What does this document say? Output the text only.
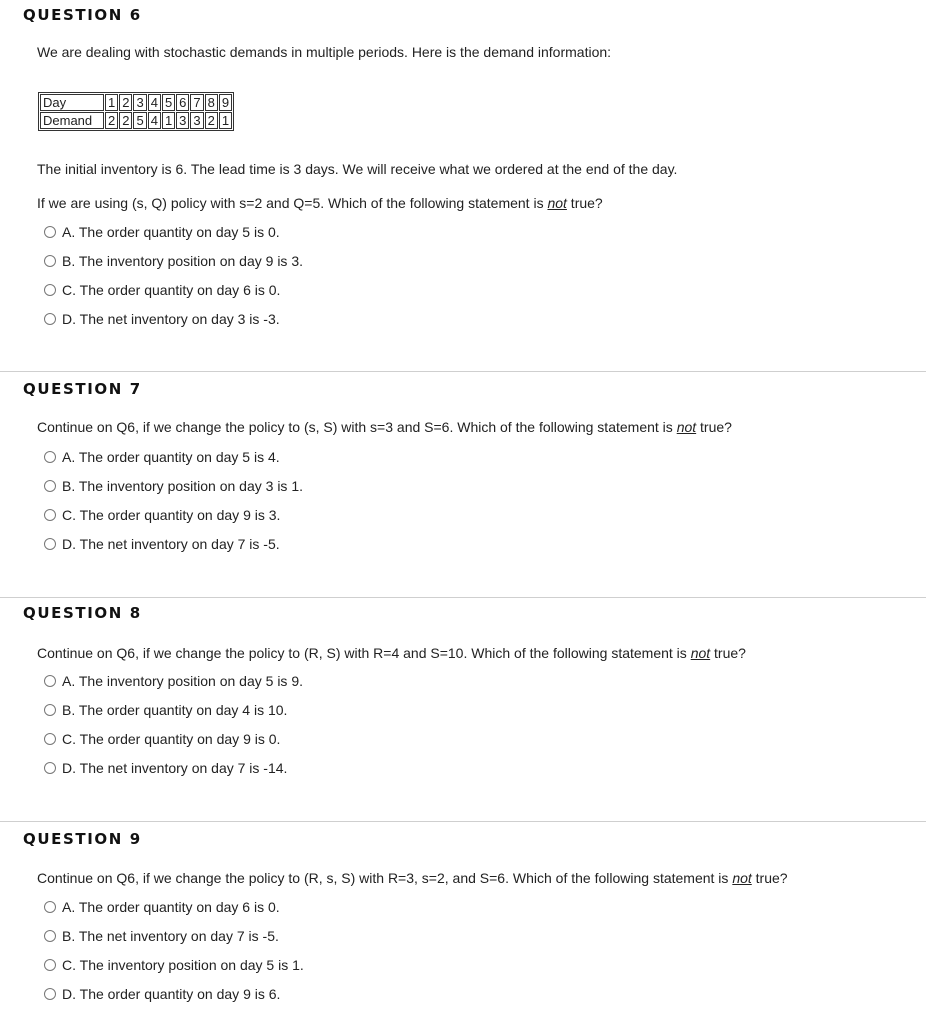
QUESTION 6
We are dealing with stochastic demands in multiple periods. Here is the demand information:
Day	1	2	3	4	5	6	7	8	9
Demand	2	2	5	4	1	3	3	2	1
The initial inventory is 6. The lead time is 3 days. We will receive what we ordered at the end of the day.
If we are using (s, Q) policy with s=2 and Q=5. Which of the following statement is not true?
A. The order quantity on day 5 is 0.
B. The inventory position on day 9 is 3.
C. The order quantity on day 6 is 0.
D. The net inventory on day 3 is -3.
QUESTION 7
Continue on Q6, if we change the policy to (s, S) with s=3 and S=6. Which of the following statement is not true?
A. The order quantity on day 5 is 4.
B. The inventory position on day 3 is 1.
C. The order quantity on day 9 is 3.
D. The net inventory on day 7 is -5.
QUESTION 8
Continue on Q6, if we change the policy to (R, S) with R=4 and S=10. Which of the following statement is not true?
A. The inventory position on day 5 is 9.
B. The order quantity on day 4 is 10.
C. The order quantity on day 9 is 0.
D. The net inventory on day 7 is -14.
QUESTION 9
Continue on Q6, if we change the policy to (R, s, S) with R=3, s=2, and S=6. Which of the following statement is not true?
A. The order quantity on day 6 is 0.
B. The net inventory on day 7 is -5.
C. The inventory position on day 5 is 1.
D. The order quantity on day 9 is 6.
